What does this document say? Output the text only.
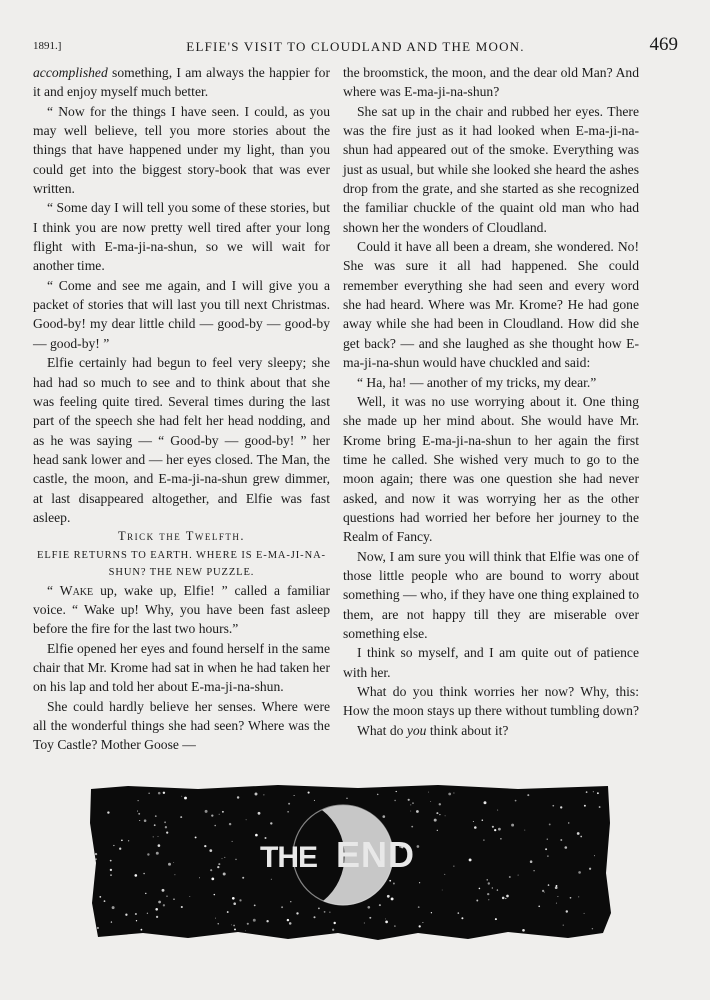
1891.]	ELFIE'S VISIT TO CLOUDLAND AND THE MOON.	469

accomplished something, I am always the happier for it and enjoy myself much better.

“ Now for the things I have seen. I could, as you may well believe, tell you more stories about the things that have happened under my light, than you could get into the biggest story-book that was ever written.

“ Some day I will tell you some of these stories, but I think you are now pretty well tired after your long flight with E-ma-ji-na-shun, so we will wait for another time.

“ Come and see me again, and I will give you a packet of stories that will last you till next Christmas. Good-by! my dear little child — good-by — good-by — good-by! ”

Elfie certainly had begun to feel very sleepy; she had had so much to see and to think about that she was feeling quite tired. Several times during the last part of the speech she had felt her head nodding, and as he was saying — “ Good-by — good-by! ” her head sank lower and — her eyes closed. The Man, the castle, the moon, and E-ma-ji-na-shun grew dimmer, at last disappeared altogether, and Elfie was fast asleep.

Trick the Twelfth.

ELFIE RETURNS TO EARTH. WHERE IS E-MA-JI-NA-SHUN? THE NEW PUZZLE.

“ Wake up, wake up, Elfie! ” called a familiar voice. “ Wake up! Why, you have been fast asleep before the fire for the last two hours.”

Elfie opened her eyes and found herself in the same chair that Mr. Krome had sat in when he had taken her on his lap and told her about E-ma-ji-na-shun.

She could hardly believe her senses. Where were all the wonderful things she had seen? Where was the Toy Castle? Mother Goose —

the broomstick, the moon, and the dear old Man? And where was E-ma-ji-na-shun?

She sat up in the chair and rubbed her eyes. There was the fire just as it had looked when E-ma-ji-na-shun had appeared out of the smoke. Everything was just as usual, but while she looked she heard the ashes drop from the grate, and she started as she recognized the familiar chuckle of the quaint old man who had shown her the wonders of Cloudland.

Could it have all been a dream, she wondered. No! She was sure it all had happened. She could remember everything she had seen and every word she had heard. Where was Mr. Krome? He had gone away while she had been in Cloudland. How did she get back? — and she laughed as she thought how E-ma-ji-na-shun would have chuckled and said:

“ Ha, ha! — another of my tricks, my dear.”

Well, it was no use worrying about it. One thing she made up her mind about. She would have Mr. Krome bring E-ma-ji-na-shun to her again the first time he called. She wished very much to go to the moon again; there was one question she had never asked, and now it was worrying her as the other questions had worried her before her journey to the Realm of Fancy.

Now, I am sure you will think that Elfie was one of those little people who are bound to worry about something — who, if they have one thing explained to them, are not happy till they are miserable over something else.

I think so myself, and I am quite out of patience with her.

What do you think worries her now? Why, this: How the moon stays up there without tumbling down?

What do you think about it?

THE END
